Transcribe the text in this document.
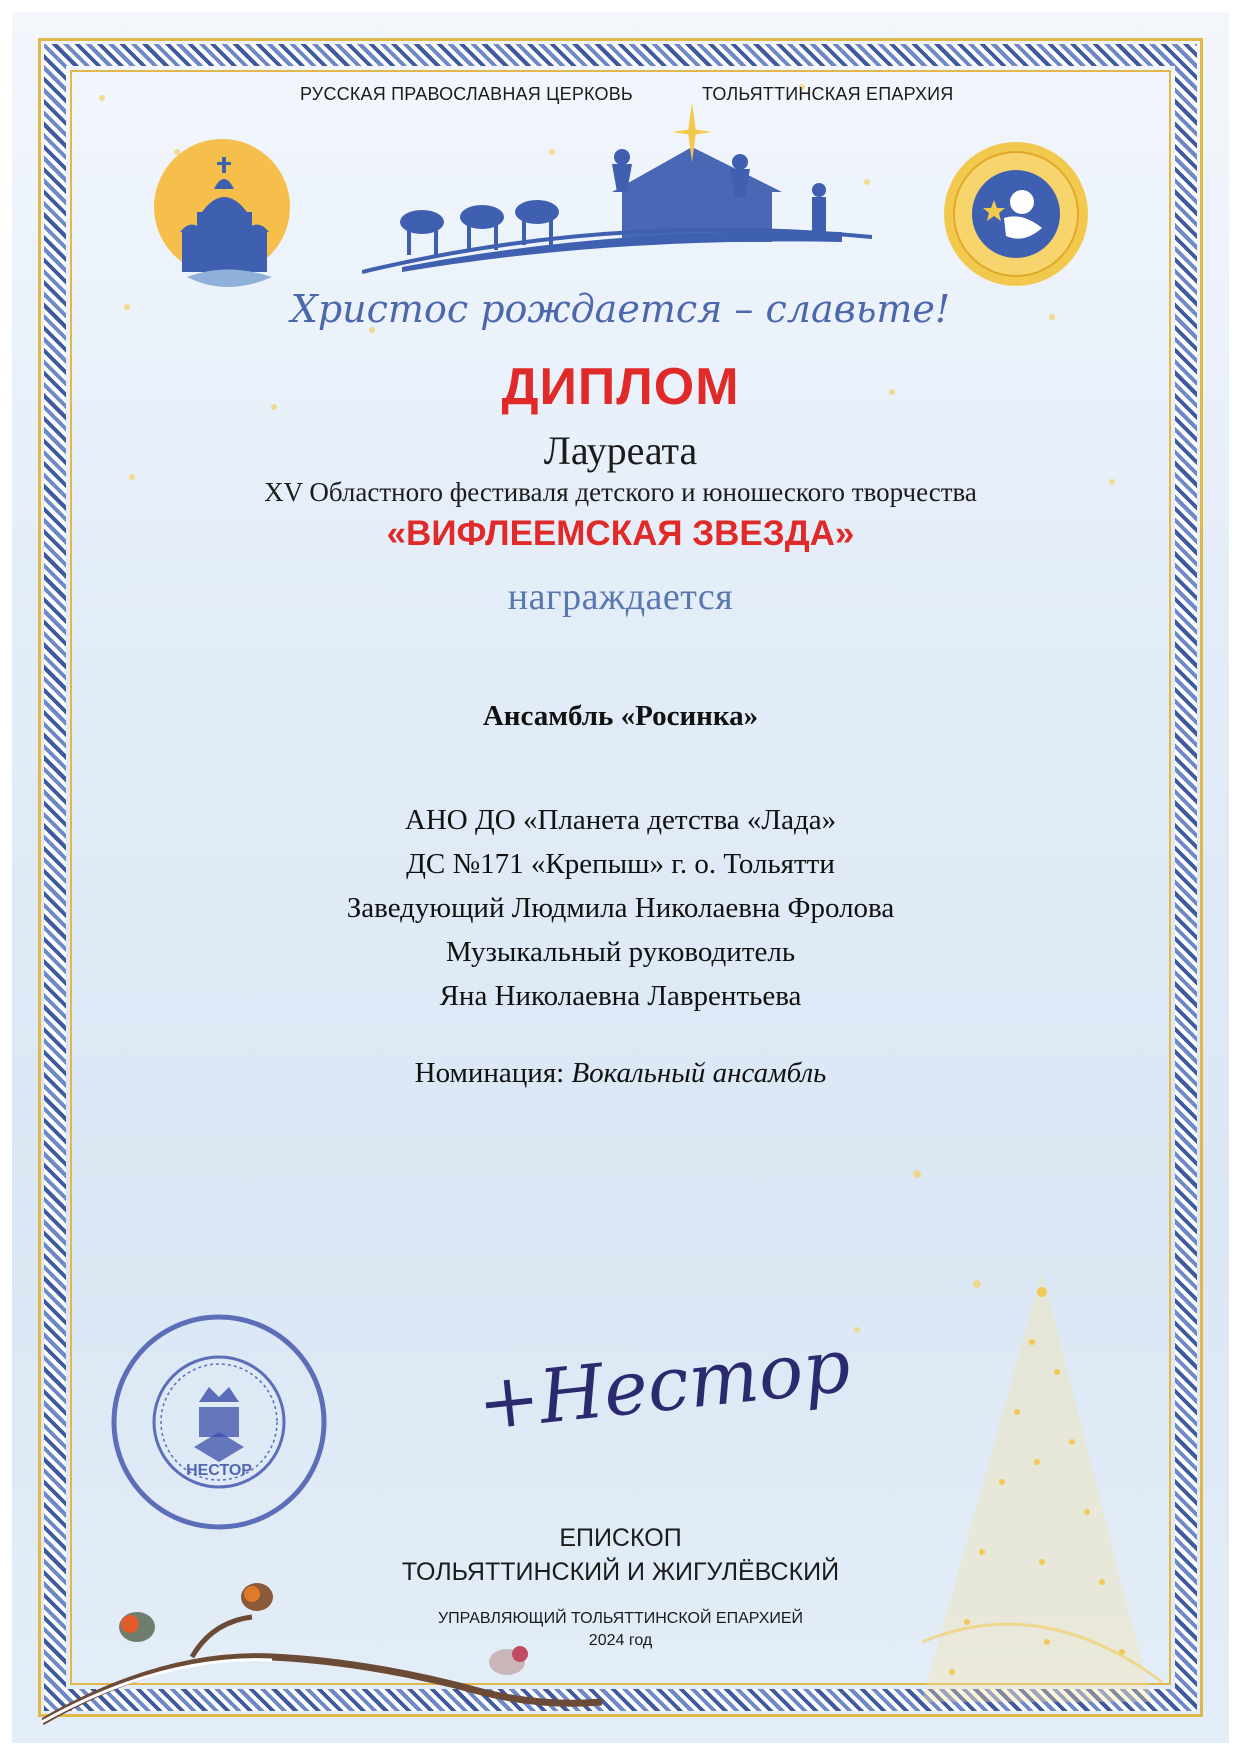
РУССКАЯ ПРАВОСЛАВНАЯ ЦЕРКОВЬ	ТОЛЬЯТТИНСКАЯ ЕПАРХИЯ
Христос рождается – славьте!
ДИПЛОМ
Лауреата
XV Областного фестиваля детского и юношеского творчества
«ВИФЛЕЕМСКАЯ ЗВЕЗДА»
награждается
Ансамбль «Росинка»
АНО ДО «Планета детства «Лада»
ДС №171 «Крепыш» г. о. Тольятти
Заведующий Людмила Николаевна Фролова
Музыкальный руководитель
Яна Николаевна Лаврентьева
Номинация: Вокальный ансамбль
НЕСТОР
+Нестор
ЕПИСКОП
ТОЛЬЯТТИНСКИЙ И ЖИГУЛЁВСКИЙ
УПРАВЛЯЮЩИЙ ТОЛЬЯТТИНСКОЙ ЕПАРХИЕЙ
2024 год
